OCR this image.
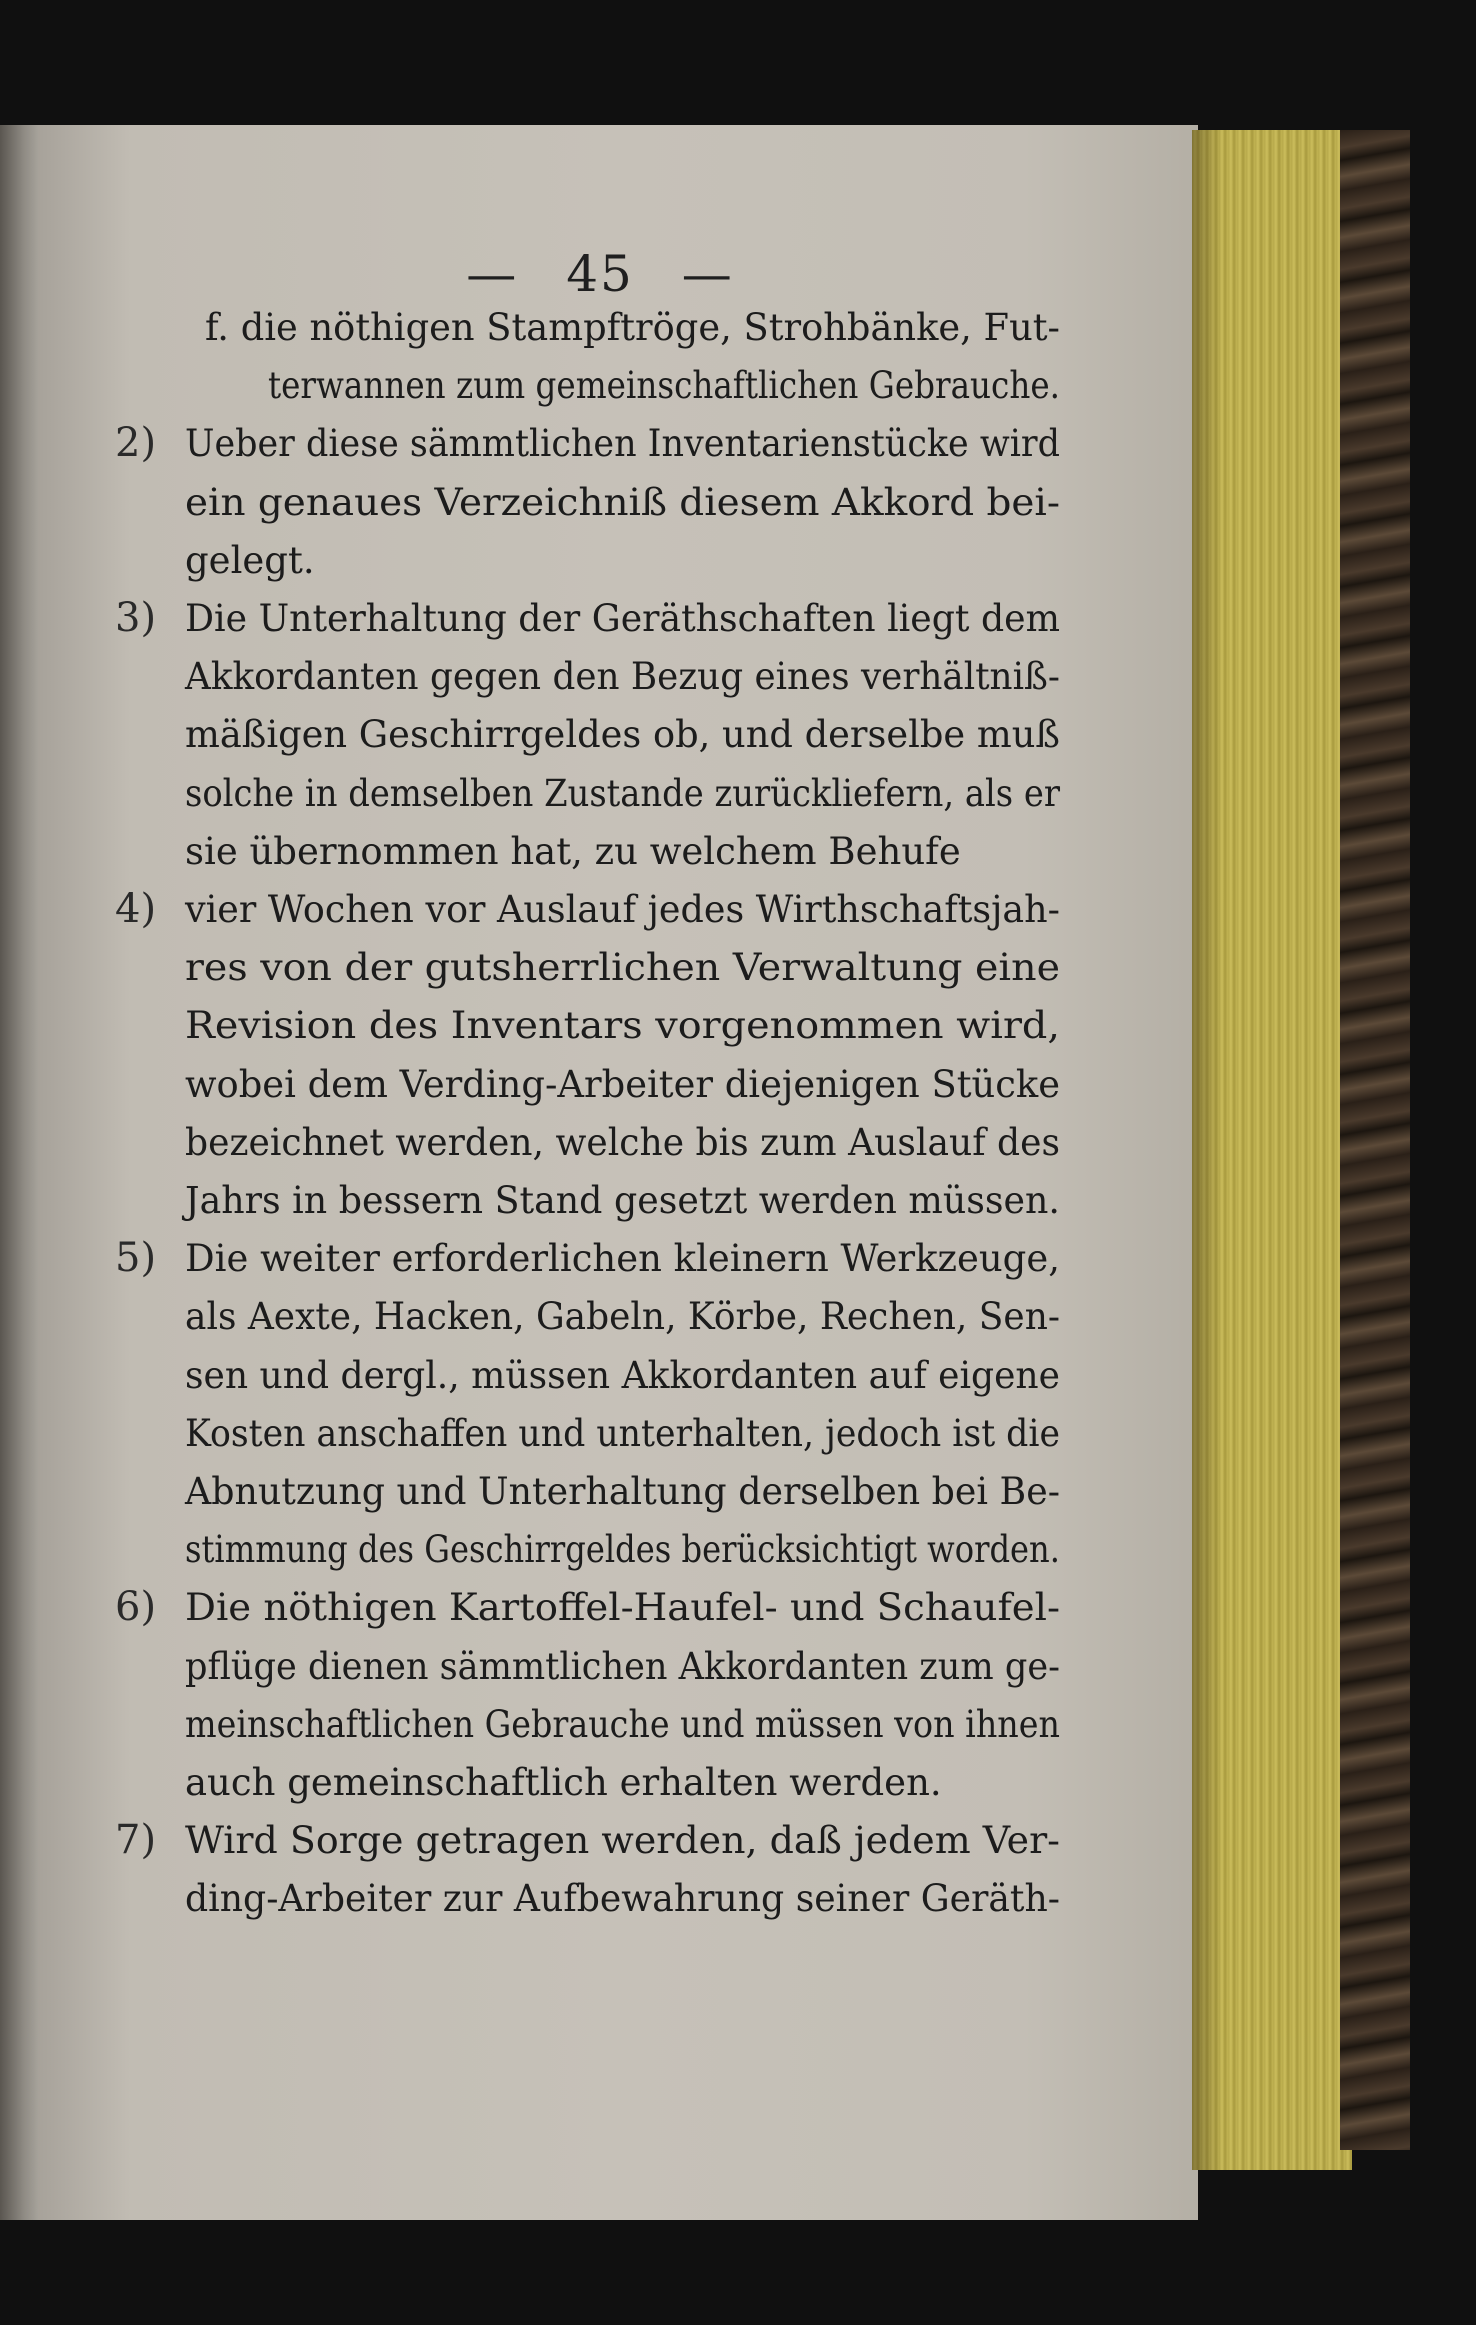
— 45 —
f. die nöthigen Stampftröge, Strohbänke, Fut-
terwannen zum gemeinschaftlichen Gebrauche.
Ueber diese sämmtlichen Inventarienstücke wird
2)
ein genaues Verzeichniß diesem Akkord bei-
gelegt.
Die Unterhaltung der Geräthschaften liegt dem
3)
Akkordanten gegen den Bezug eines verhältniß-
mäßigen Geschirrgeldes ob, und derselbe muß
solche in demselben Zustande zurückliefern, als er
sie übernommen hat, zu welchem Behufe
vier Wochen vor Auslauf jedes Wirthschaftsjah-
4)
res von der gutsherrlichen Verwaltung eine
Revision des Inventars vorgenommen wird,
wobei dem Verding-Arbeiter diejenigen Stücke
bezeichnet werden, welche bis zum Auslauf des
Jahrs in bessern Stand gesetzt werden müssen.
Die weiter erforderlichen kleinern Werkzeuge,
5)
als Aexte, Hacken, Gabeln, Körbe, Rechen, Sen-
sen und dergl., müssen Akkordanten auf eigene
Kosten anschaffen und unterhalten, jedoch ist die
Abnutzung und Unterhaltung derselben bei Be-
stimmung des Geschirrgeldes berücksichtigt worden.
Die nöthigen Kartoffel-Haufel- und Schaufel-
6)
pflüge dienen sämmtlichen Akkordanten zum ge-
meinschaftlichen Gebrauche und müssen von ihnen
auch gemeinschaftlich erhalten werden.
Wird Sorge getragen werden, daß jedem Ver-
7)
ding-Arbeiter zur Aufbewahrung seiner Geräth-
